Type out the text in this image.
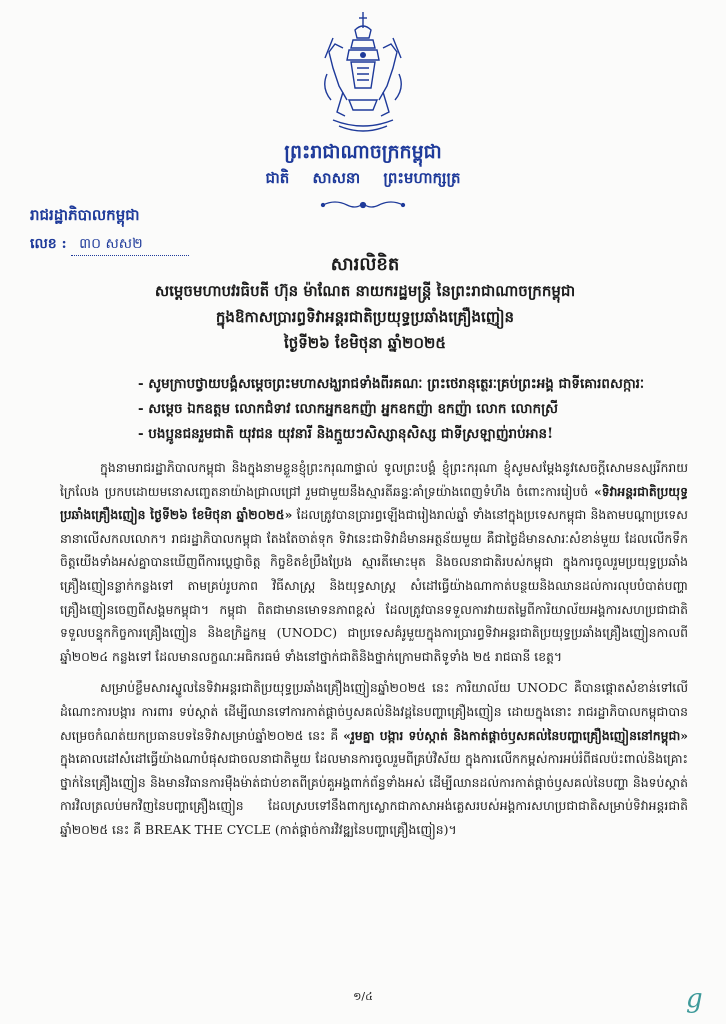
ព្រះរាជាណាចក្រកម្ពុជា
ជាតិ សាសនា ព្រះមហាក្សត្រ
រាជរដ្ឋាភិបាលកម្ពុជា
លេខ : ៣០ សស២
សារលិខិត
សម្តេចមហាបវរធិបតី ហ៊ុន ម៉ាណែត នាយករដ្ឋមន្ត្រី នៃព្រះរាជាណាចក្រកម្ពុជា
ក្នុងឱកាសប្រារព្ធទិវាអន្តរជាតិប្រយុទ្ធប្រឆាំងគ្រឿងញៀន
ថ្ងៃទី២៦ ខែមិថុនា ឆ្នាំ២០២៥
- សូមក្រាបថ្វាយបង្គំសម្តេចព្រះមហាសង្ឃរាជទាំងពីរគណៈ ព្រះថេរានុត្ថេរៈគ្រប់ព្រះអង្គ ជាទីគោរពសក្ការៈ
- សម្តេច ឯកឧត្តម លោកជំទាវ លោកអ្នកឧកញ៉ា អ្នកឧកញ៉ា ឧកញ៉ា លោក លោកស្រី
- បងប្អូនជនរួមជាតិ យុវជន យុវនារី និងក្មួយៗសិស្សានុសិស្ស ជាទីស្រឡាញ់រាប់អាន!

ក្នុងនាមរាជរដ្ឋាភិបាលកម្ពុជា និងក្នុងនាមខ្លួនខ្ញុំព្រះករុណាផ្ទាល់ ទូលព្រះបង្គំ ខ្ញុំព្រះករុណា ខ្ញុំសូមសម្តែងនូវសេចក្តីសោមនស្សរីករាយក្រៃលែង ប្រកបដោយមនោសញ្ចេតនាយ៉ាងជ្រាលជ្រៅ រួមជាមួយនឹងស្មារតីឆន្ទៈគាំទ្រយ៉ាងពេញទំហឹង ចំពោះការរៀបចំ «ទិវាអន្តរជាតិប្រយុទ្ធប្រឆាំងគ្រឿងញៀន ថ្ងៃទី២៦ ខែមិថុនា ឆ្នាំ២០២៥» ដែលត្រូវបានប្រារព្ធឡើងជារៀងរាល់ឆ្នាំ ទាំងនៅក្នុងប្រទេសកម្ពុជា និងតាមបណ្តាប្រទេសនានាលើសកលលោក។ រាជរដ្ឋាភិបាលកម្ពុជា តែងតែចាត់ទុក ទិវានេះជាទិវាដ៏មានអត្ថន័យមួយ គឺជាថ្ងៃដ៏មានសារៈសំខាន់មួយ ដែលលើកទឹកចិត្តយើងទាំងអស់គ្នាបានឃើញពីការប្តេជ្ញាចិត្ត កិច្ចខិតខំប្រឹងប្រែង ស្មារតីមោះមុត និងចលនាជាតិរបស់កម្ពុជា ក្នុងការចូលរួមប្រយុទ្ធប្រឆាំងគ្រឿងញៀនន្លាក់កន្លងទៅ តាមគ្រប់រូបភាព វិធីសាស្ត្រ និងយុទ្ធសាស្ត្រ សំដៅធ្វើយ៉ាងណាកាត់បន្ថយនិងឈានដល់ការលុបបំបាត់បញ្ហាគ្រឿងញៀនចេញពីសង្គមកម្ពុជា។ កម្ពុជា ពិតជាមានមោទនភាពខ្ពស់ ដែលត្រូវបានទទួលការវាយតម្លៃពីការិយាល័យអង្គការសហប្រជាជាតិទទួលបន្ទុកកិច្ចការគ្រឿងញៀន និងឧក្រិដ្ឋកម្ម (UNODC) ជាប្រទេសគំរូមួយក្នុងការប្រារព្ធទិវាអន្តរជាតិប្រយុទ្ធប្រឆាំងគ្រឿងញៀនកាលពីឆ្នាំ២០២៤ កន្លងទៅ ដែលមានលក្ខណៈអធិករធម៌ ទាំងនៅថ្នាក់ជាតិនិងថ្នាក់ក្រោមជាតិទូទាំង ២៥ រាជធានី ខេត្ត។

សម្រាប់ខ្លឹមសារស្នូលនៃទិវាអន្តរជាតិប្រយុទ្ធប្រឆាំងគ្រឿងញៀនឆ្នាំ២០២៥ នេះ ការិយាល័យ UNODC គឺបានផ្តោតសំខាន់ទៅលើដំណោះការបង្ការ ការពារ ទប់ស្កាត់ ដើម្បីឈានទៅការកាត់ផ្តាច់ឫសគល់និងវដ្តនៃបញ្ហាគ្រឿងញៀន ដោយក្នុងនោះ រាជរដ្ឋាភិបាលកម្ពុជាបានសម្រេចកំណត់យកប្រធានបទនៃទិវាសម្រាប់ឆ្នាំ២០២៥ នេះ គឺ «រួមគ្នា បង្ការ ទប់ស្កាត់ និងកាត់ផ្តាច់ឫសគល់នៃបញ្ហាគ្រឿងញៀននៅកម្ពុជា» ក្នុងគោលដៅសំដៅធ្វើយ៉ាងណាបំផុសជាចលនាជាតិមួយ ដែលមានការចូលរួមពីគ្រប់វិស័យ ក្នុងការលើកកម្ពស់ការអប់រំពីផលប៉ះពាល់និងគ្រោះថ្នាក់នៃគ្រឿងញៀន និងមានវិធានការម៉ឺងម៉ាត់ជាប់ខាតពីគ្រប់គួអង្គពាក់ព័ន្ធទាំងអស់ ដើម្បីឈានដល់ការកាត់ផ្តាច់ឫសគល់នៃបញ្ហា និងទប់ស្កាត់ការវិលត្រលប់មកវិញនៃបញ្ហាគ្រឿងញៀន ដែលស្របទៅនឹងពាក្យស្លោកជាភាសាអង់គ្លេសរបស់អង្គការសហប្រជាជាតិសម្រាប់ទិវាអន្តរជាតិឆ្នាំ២០២៥ នេះ គឺ BREAK THE CYCLE (កាត់ផ្តាច់ការវិវឌ្ឍនៃបញ្ហាគ្រឿងញៀន)។

១/៤	g
